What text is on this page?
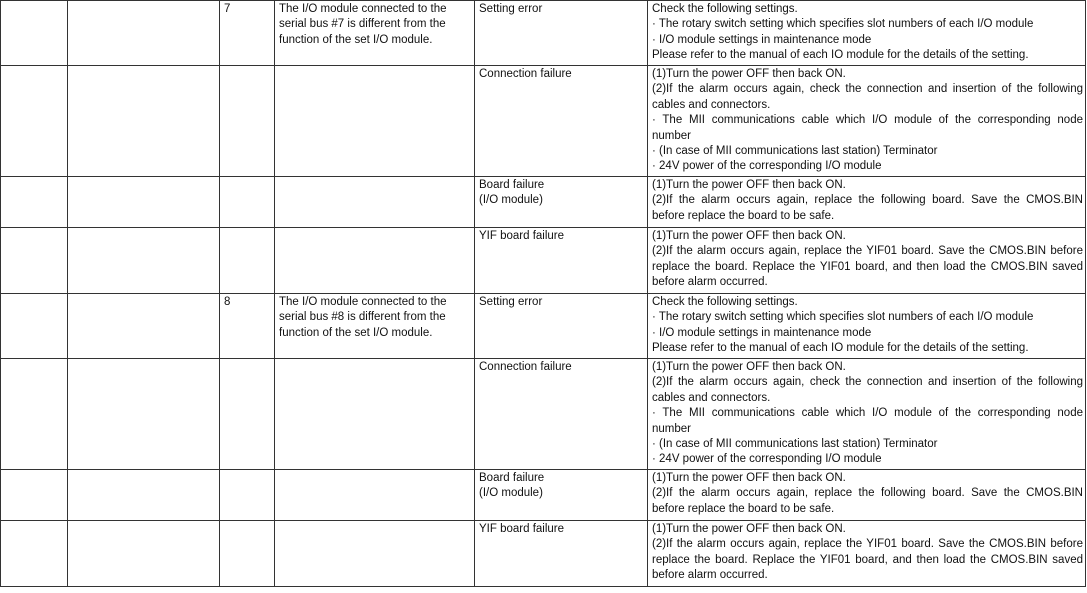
		7	The I/O module connected to the serial bus #7 is different from the function of the set I/O module.	Setting error	Check the following settings.
· The rotary switch setting which specifies slot numbers of each I/O module
· I/O module settings in maintenance mode
Please refer to the manual of each IO module for the details of the setting.

				Connection failure	(1)Turn the power OFF then back ON.
(2)If the alarm occurs again, check the connection and insertion of the following cables and connectors.
· The MII communications cable which I/O module of the corresponding node number
· (In case of MII communications last station) Terminator
· 24V power of the corresponding I/O module

				Board failure
(I/O module)	(1)Turn the power OFF then back ON.
(2)If the alarm occurs again, replace the following board. Save the CMOS.BIN before replace the board to be safe.

				YIF board failure	(1)Turn the power OFF then back ON.
(2)If the alarm occurs again, replace the YIF01 board. Save the CMOS.BIN before replace the board. Replace the YIF01 board, and then load the CMOS.BIN saved before alarm occurred.

		8	The I/O module connected to the serial bus #8 is different from the function of the set I/O module.	Setting error	Check the following settings.
· The rotary switch setting which specifies slot numbers of each I/O module
· I/O module settings in maintenance mode
Please refer to the manual of each IO module for the details of the setting.

				Connection failure	(1)Turn the power OFF then back ON.
(2)If the alarm occurs again, check the connection and insertion of the following cables and connectors.
· The MII communications cable which I/O module of the corresponding node number
· (In case of MII communications last station) Terminator
· 24V power of the corresponding I/O module

				Board failure
(I/O module)	(1)Turn the power OFF then back ON.
(2)If the alarm occurs again, replace the following board. Save the CMOS.BIN before replace the board to be safe.

				YIF board failure	(1)Turn the power OFF then back ON.
(2)If the alarm occurs again, replace the YIF01 board. Save the CMOS.BIN before replace the board. Replace the YIF01 board, and then load the CMOS.BIN saved before alarm occurred.
